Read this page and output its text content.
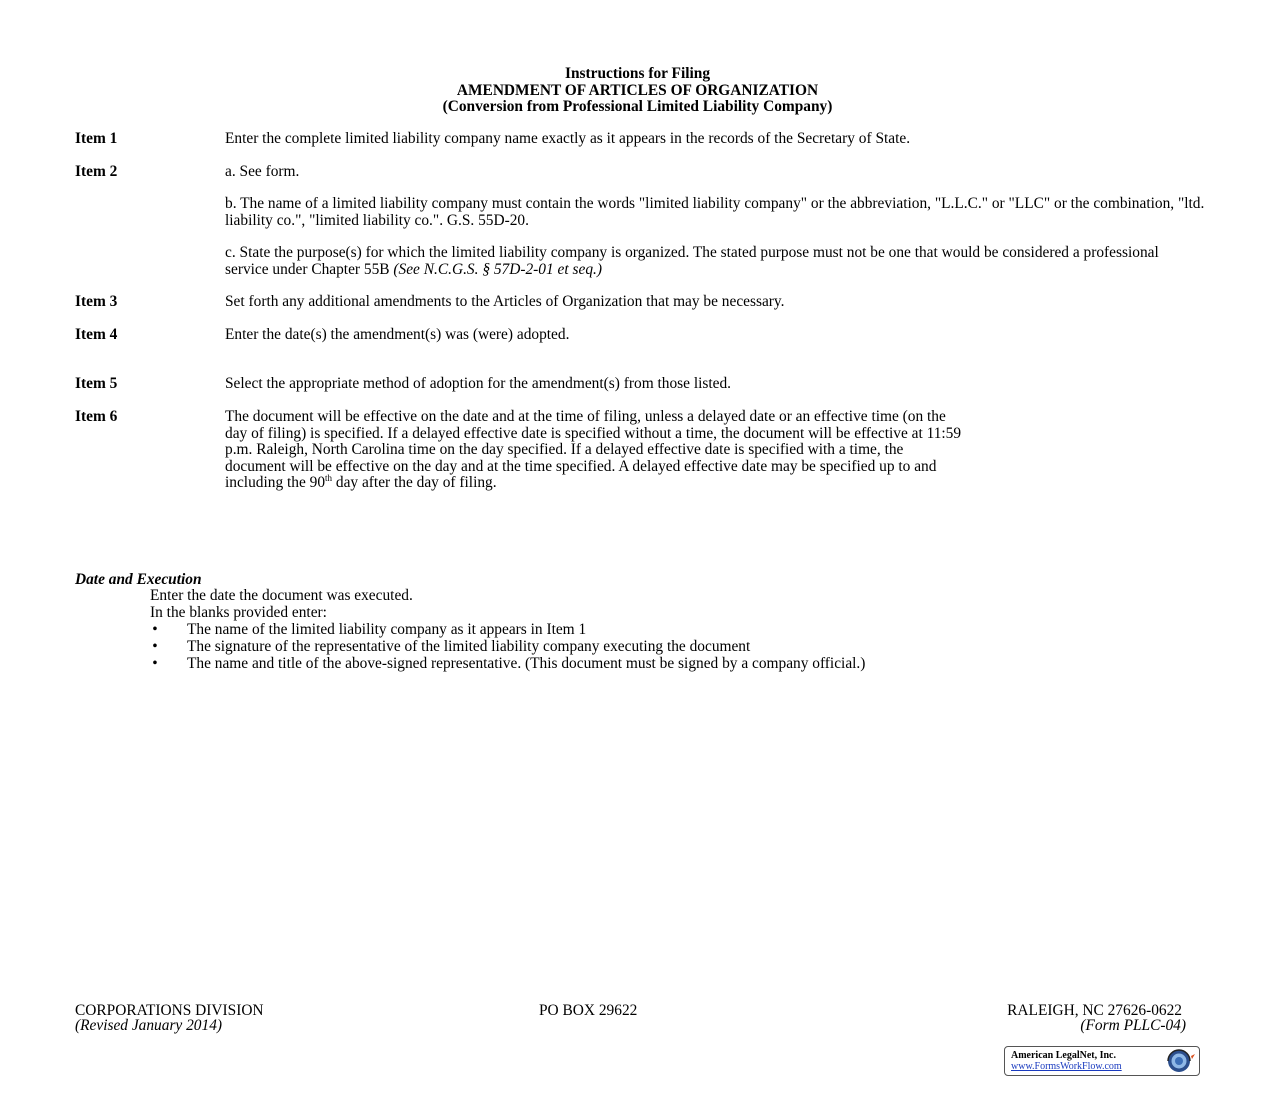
Instructions for Filing
AMENDMENT OF ARTICLES OF ORGANIZATION
(Conversion from Professional Limited Liability Company)
Item 1	Enter the complete limited liability company name exactly as it appears in the records of the Secretary of State.
Item 2	a. See form.
b. The name of a limited liability company must contain the words "limited liability company" or the abbreviation, "L.L.C." or "LLC" or the combination, "ltd. liability co.", "limited liability co.". G.S. 55D-20.
c. State the purpose(s) for which the limited liability company is organized. The stated purpose must not be one that would be considered a professional service under Chapter 55B (See N.C.G.S. § 57D-2-01 et seq.)
Item 3	Set forth any additional amendments to the Articles of Organization that may be necessary.
Item 4	Enter the date(s) the amendment(s) was (were) adopted.
Item 5	Select the appropriate method of adoption for the amendment(s) from those listed.
Item 6	The document will be effective on the date and at the time of filing, unless a delayed date or an effective time (on the
day of filing) is specified. If a delayed effective date is specified without a time, the document will be effective at 11:59
p.m. Raleigh, North Carolina time on the day specified. If a delayed effective date is specified with a time, the
document will be effective on the day and at the time specified. A delayed effective date may be specified up to and
including the 90th day after the day of filing.
Date and Execution
Enter the date the document was executed.
In the blanks provided enter:
• The name of the limited liability company as it appears in Item 1
• The signature of the representative of the limited liability company executing the document
• The name and title of the above-signed representative. (This document must be signed by a company official.)
CORPORATIONS DIVISION	PO BOX 29622	RALEIGH, NC 27626-0622
(Revised January 2014)	(Form PLLC-04)
American LegalNet, Inc.
www.FormsWorkFlow.com
